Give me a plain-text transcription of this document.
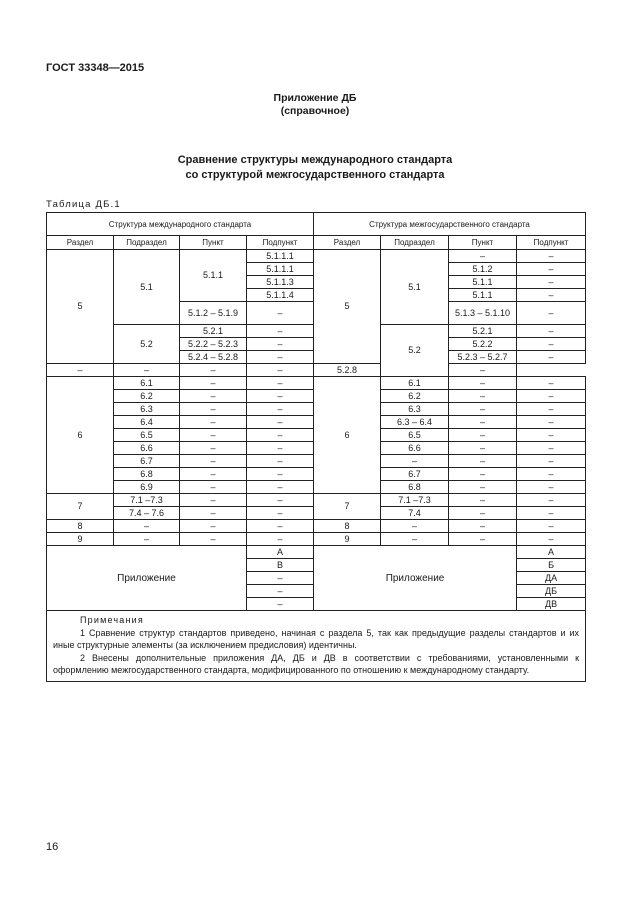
ГОСТ 33348—2015
Приложение ДБ
(справочное)
Сравнение структуры международного стандарта
со структурой межгосударственного стандарта
Таблица ДБ.1
Структура международного стандарта				Структура межгосударственного стандарта			
Раздел	Подраздел	Пункт	Подпункт	Раздел	Подраздел	Пункт	Подпункт
5	5.1	5.1.1	5.1.1.1	5	5.1	–	–
			5.1.1.1			5.1.2	–
			5.1.1.3			5.1.1	–
			5.1.1.4			5.1.1	–
		5.1.2 – 5.1.9	–			5.1.3 – 5.1.10	–
	5.2	5.2.1	–		5.2	5.2.1	–
		5.2.2 – 5.2.3	–			5.2.2	–
		5.2.4 – 5.2.8	–			5.2.3 – 5.2.7	–
–	–	–	–	5.2.8		–	
6	6.1	–	–	6	6.1	–	–
	6.2	–	–		6.2	–	–
	6.3	–	–		6.3	–	–
	6.4	–	–		6.3 – 6.4	–	–
	6.5	–	–		6.5	–	–
	6.6	–	–		6.6	–	–
	6.7	–	–		–	–	–
	6.8	–	–		6.7	–	–
	6.9	–	–		6.8	–	–
7	7.1 –7.3	–	–	7	7.1 –7.3	–	–
	7.4 – 7.6	–	–		7.4	–	–
8	–	–	–	8	–	–	–
9	–	–	–	9	–	–	–
Приложение			A	Приложение			А
			B				Б
			–				ДА
			–				ДБ
			–				ДВ

Примечания
1 Сравнение структур стандартов приведено, начиная с раздела 5, так как предыдущие разделы стандартов и их иные структурные элементы (за исключением предисловия) идентичны.
2 Внесены дополнительные приложения ДА, ДБ и ДВ в соответствии с требованиями, установленными к оформлению межгосударственного стандарта, модифицированного по отношению к международному стандарту.							
16
